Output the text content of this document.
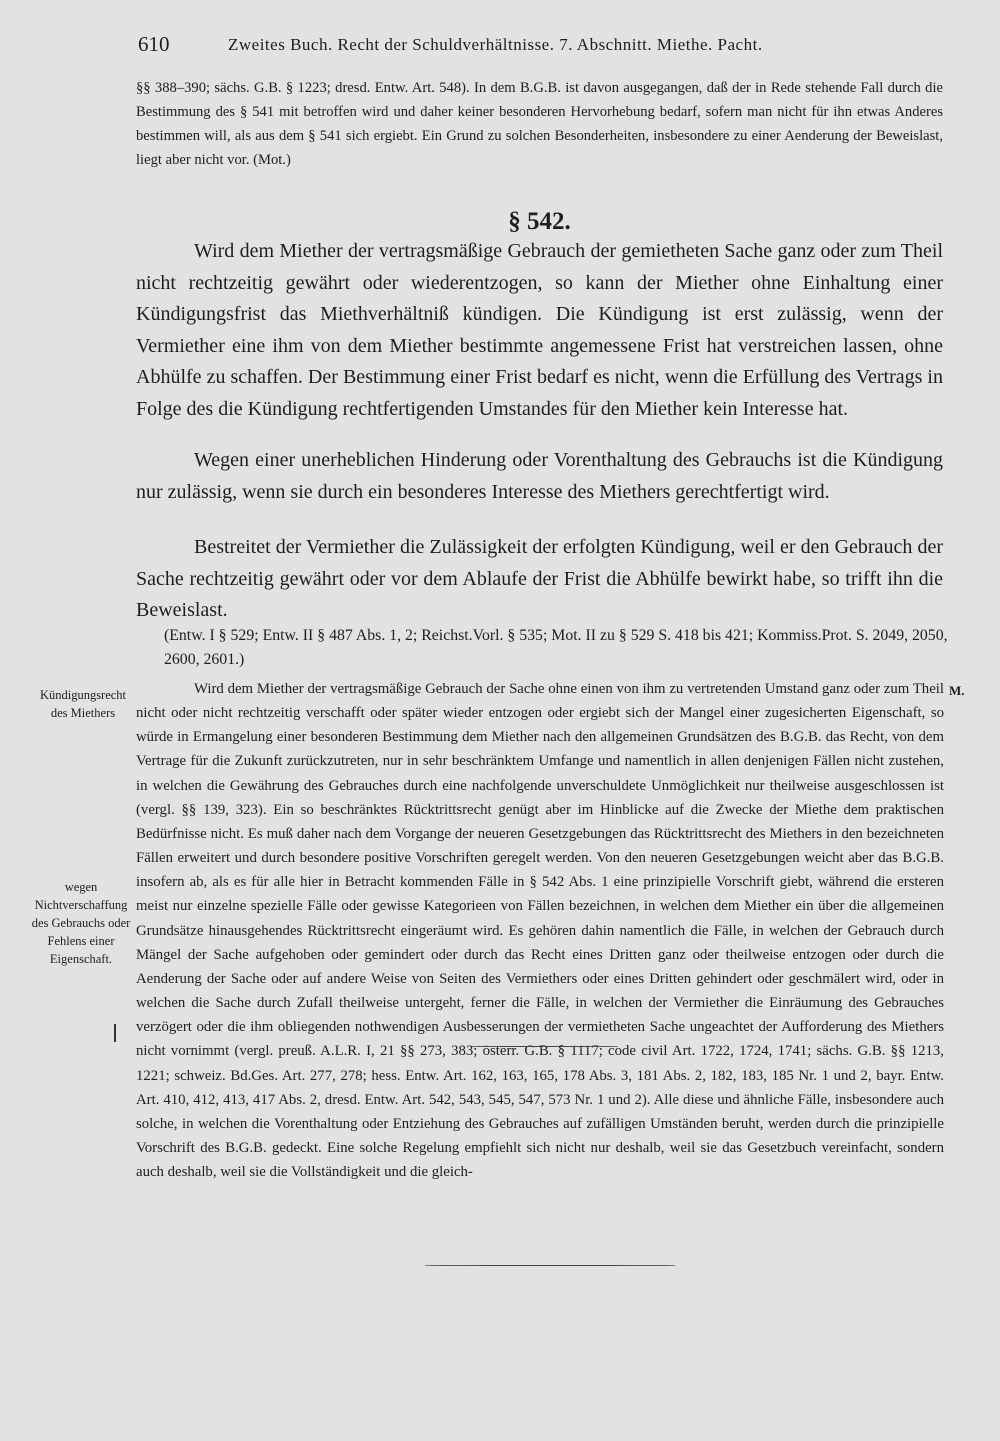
610	Zweites Buch. Recht der Schuldverhältnisse. 7. Abschnitt. Miethe. Pacht.

§§ 388–390; sächs. G.B. § 1223; dresd. Entw. Art. 548). In dem B.G.B. ist davon ausgegangen, daß der in Rede stehende Fall durch die Bestimmung des § 541 mit betroffen wird und daher keiner besonderen Hervorhebung bedarf, sofern man nicht für ihn etwas Anderes bestimmen will, als aus dem § 541 sich ergiebt. Ein Grund zu solchen Besonderheiten, insbesondere zu einer Aenderung der Beweislast, liegt aber nicht vor. (Mot.)

§ 542.

Wird dem Miether der vertragsmäßige Gebrauch der gemietheten Sache ganz oder zum Theil nicht rechtzeitig gewährt oder wiederentzogen, so kann der Miether ohne Einhaltung einer Kündigungsfrist das Miethverhältniß kündigen. Die Kündigung ist erst zulässig, wenn der Vermiether eine ihm von dem Miether bestimmte angemessene Frist hat verstreichen lassen, ohne Abhülfe zu schaffen. Der Bestimmung einer Frist bedarf es nicht, wenn die Erfüllung des Vertrags in Folge des die Kündigung rechtfertigenden Umstandes für den Miether kein Interesse hat.

Wegen einer unerheblichen Hinderung oder Vorenthaltung des Gebrauchs ist die Kündigung nur zulässig, wenn sie durch ein besonderes Interesse des Miethers gerechtfertigt wird.

Bestreitet der Vermiether die Zulässigkeit der erfolgten Kündigung, weil er den Gebrauch der Sache rechtzeitig gewährt oder vor dem Ablaufe der Frist die Abhülfe bewirkt habe, so trifft ihn die Beweislast.

(Entw. I § 529; Entw. II § 487 Abs. 1, 2; Reichst.Vorl. § 535; Mot. II zu § 529 S. 418 bis 421; Kommiss.Prot. S. 2049, 2050, 2600, 2601.)

Kündigungsrecht des Miethers
wegen Nichtverschaffung des Gebrauchs oder Fehlens einer Eigenschaft.
M.

Wird dem Miether der vertragsmäßige Gebrauch der Sache ohne einen von ihm zu vertretenden Umstand ganz oder zum Theil nicht oder nicht rechtzeitig verschafft oder später wieder entzogen oder ergiebt sich der Mangel einer zugesicherten Eigenschaft, so würde in Ermangelung einer besonderen Bestimmung dem Miether nach den allgemeinen Grundsätzen des B.G.B. das Recht, von dem Vertrage für die Zukunft zurückzutreten, nur in sehr beschränktem Umfange und namentlich in allen denjenigen Fällen nicht zustehen, in welchen die Gewährung des Gebrauches durch eine nachfolgende unverschuldete Unmöglichkeit nur theilweise ausgeschlossen ist (vergl. §§ 139, 323). Ein so beschränktes Rücktrittsrecht genügt aber im Hinblicke auf die Zwecke der Miethe dem praktischen Bedürfnisse nicht. Es muß daher nach dem Vorgange der neueren Gesetzgebungen das Rücktrittsrecht des Miethers in den bezeichneten Fällen erweitert und durch besondere positive Vorschriften geregelt werden. Von den neueren Gesetzgebungen weicht aber das B.G.B. insofern ab, als es für alle hier in Betracht kommenden Fälle in § 542 Abs. 1 eine prinzipielle Vorschrift giebt, während die ersteren meist nur einzelne spezielle Fälle oder gewisse Kategorieen von Fällen bezeichnen, in welchen dem Miether ein über die allgemeinen Grundsätze hinausgehendes Rücktrittsrecht eingeräumt wird. Es gehören dahin namentlich die Fälle, in welchen der Gebrauch durch Mängel der Sache aufgehoben oder gemindert oder durch das Recht eines Dritten ganz oder theilweise entzogen oder durch die Aenderung der Sache oder auf andere Weise von Seiten des Vermiethers oder eines Dritten gehindert oder geschmälert wird, oder in welchen die Sache durch Zufall theilweise untergeht, ferner die Fälle, in welchen der Vermiether die Einräumung des Gebrauches verzögert oder die ihm obliegenden nothwendigen Ausbesserungen der vermietheten Sache ungeachtet der Aufforderung des Miethers nicht vornimmt (vergl. preuß. A.L.R. I, 21 §§ 273, 383; österr. G.B. § 1117; code civil Art. 1722, 1724, 1741; sächs. G.B. §§ 1213, 1221; schweiz. Bd.Ges. Art. 277, 278; hess. Entw. Art. 162, 163, 165, 178 Abs. 3, 181 Abs. 2, 182, 183, 185 Nr. 1 und 2, bayr. Entw. Art. 410, 412, 413, 417 Abs. 2, dresd. Entw. Art. 542, 543, 545, 547, 573 Nr. 1 und 2). Alle diese und ähnliche Fälle, insbesondere auch solche, in welchen die Vorenthaltung oder Entziehung des Gebrauches auf zufälligen Umständen beruht, werden durch die prinzipielle Vorschrift des B.G.B. gedeckt. Eine solche Regelung empfiehlt sich nicht nur deshalb, weil sie das Gesetzbuch vereinfacht, sondern auch deshalb, weil sie die Vollständigkeit und die gleich-
